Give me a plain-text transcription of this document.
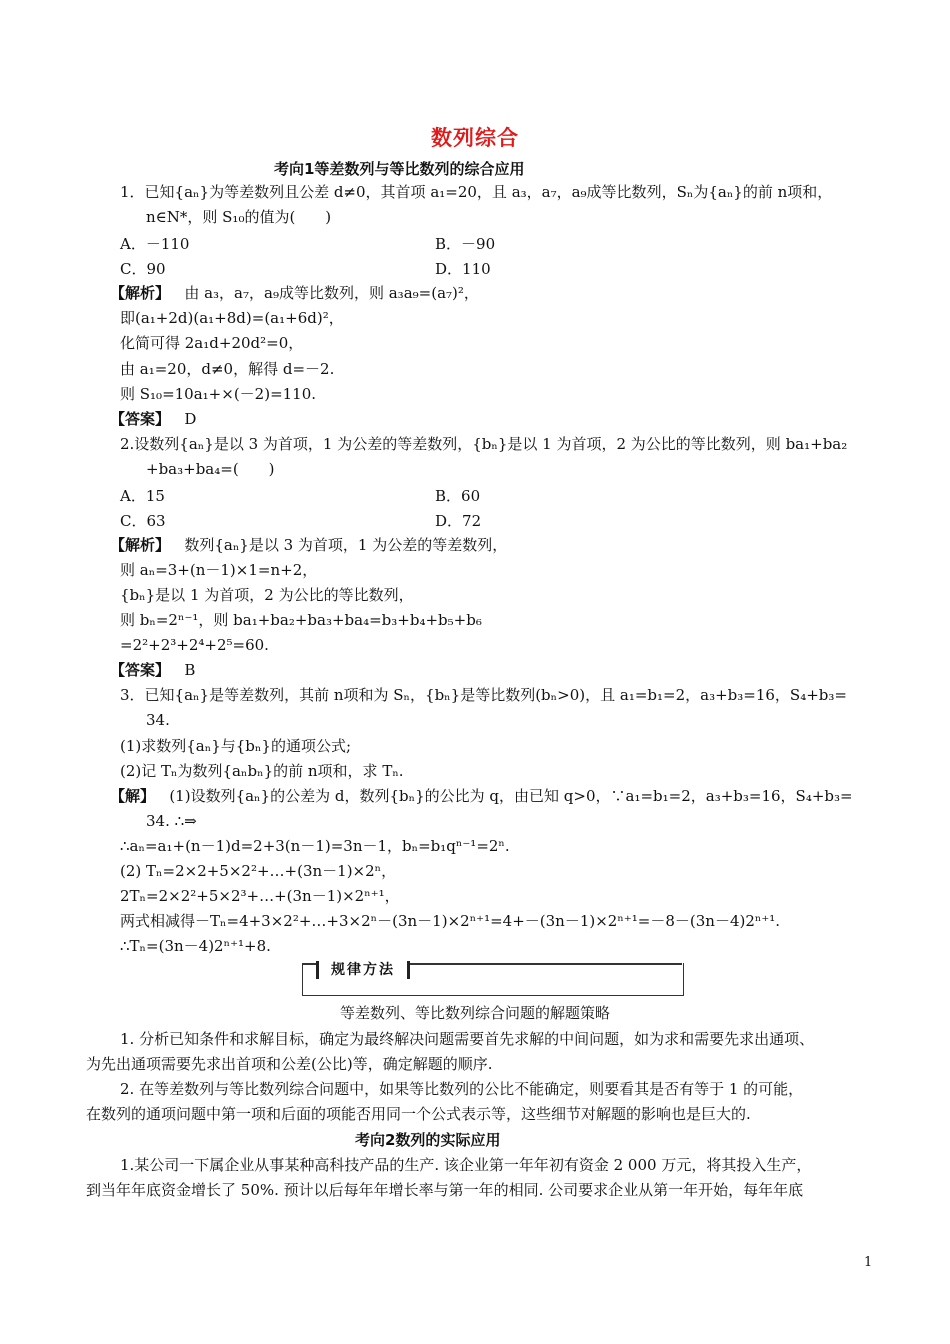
数列综合
考向1等差数列与等比数列的综合应用
1．已知{aₙ}为等差数列且公差 d≠0，其首项 a₁=20，且 a₃，a₇，a₉成等比数列，Sₙ为{aₙ}的前 n项和，
n∈N*，则 S₁₀的值为(　　)
A．－110	B．－90
C．90	D．110
【解析】 由 a₃，a₇，a₉成等比数列，则 a₃a₉=(a₇)²，
即(a₁+2d)(a₁+8d)=(a₁+6d)²，
化简可得 2a₁d+20d²=0，
由 a₁=20，d≠0，解得 d=－2.
则 S₁₀=10a₁+×(－2)=110.
【答案】 D
2.设数列{aₙ}是以 3 为首项，1 为公差的等差数列，{bₙ}是以 1 为首项，2 为公比的等比数列，则 ba₁+ba₂
+ba₃+ba₄=(　　)
A．15	B．60
C．63	D．72
【解析】 数列{aₙ}是以 3 为首项，1 为公差的等差数列，
则 aₙ=3+(n－1)×1=n+2，
{bₙ}是以 1 为首项，2 为公比的等比数列，
则 bₙ=2ⁿ⁻¹，则 ba₁+ba₂+ba₃+ba₄=b₃+b₄+b₅+b₆
=2²+2³+2⁴+2⁵=60.
【答案】 B
3．已知{aₙ}是等差数列，其前 n项和为 Sₙ，{bₙ}是等比数列(bₙ>0)，且 a₁=b₁=2，a₃+b₃=16，S₄+b₃=
34.
(1)求数列{aₙ}与{bₙ}的通项公式;
(2)记 Tₙ为数列{aₙbₙ}的前 n项和，求 Tₙ.
【解】 (1)设数列{aₙ}的公差为 d，数列{bₙ}的公比为 q，由已知 q>0，∵a₁=b₁=2，a₃+b₃=16，S₄+b₃=
34. ∴⇒
∴aₙ=a₁+(n－1)d=2+3(n－1)=3n－1，bₙ=b₁qⁿ⁻¹=2ⁿ.
(2) Tₙ=2×2+5×2²+…+(3n－1)×2ⁿ，
2Tₙ=2×2²+5×2³+…+(3n－1)×2ⁿ⁺¹，
两式相减得－Tₙ=4+3×2²+…+3×2ⁿ－(3n－1)×2ⁿ⁺¹=4+－(3n－1)×2ⁿ⁺¹=－8－(3n－4)2ⁿ⁺¹.
∴Tₙ=(3n－4)2ⁿ⁺¹+8.
规律方法
等差数列、等比数列综合问题的解题策略
1. 分析已知条件和求解目标，确定为最终解决问题需要首先求解的中间问题，如为求和需要先求出通项、
为先出通项需要先求出首项和公差(公比)等，确定解题的顺序.
2. 在等差数列与等比数列综合问题中，如果等比数列的公比不能确定，则要看其是否有等于 1 的可能，
在数列的通项问题中第一项和后面的项能否用同一个公式表示等，这些细节对解题的影响也是巨大的.
考向2数列的实际应用
1.某公司一下属企业从事某种高科技产品的生产. 该企业第一年年初有资金 2 000 万元，将其投入生产，
到当年年底资金增长了 50%. 预计以后每年年增长率与第一年的相同. 公司要求企业从第一年开始，每年年底
1
